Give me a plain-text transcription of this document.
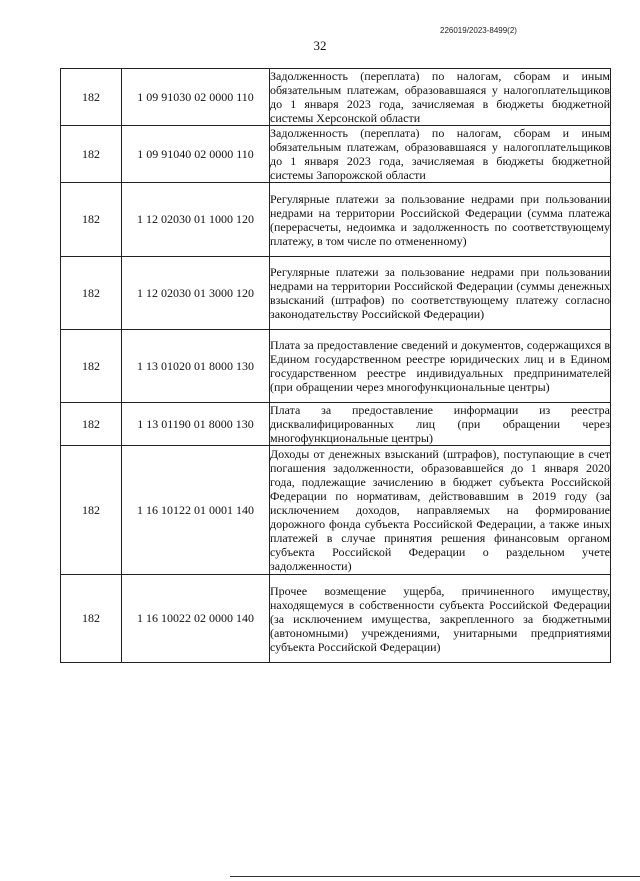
226019/2023-8499(2)
32
182	1 09 91030 02 0000 110	Задолженность (переплата) по налогам, сборам и иным обязательным платежам, образовавшаяся у налогоплательщиков до 1 января 2023 года, зачисляемая в бюджеты бюджетной системы Херсонской области
182	1 09 91040 02 0000 110	Задолженность (переплата) по налогам, сборам и иным обязательным платежам, образовавшаяся у налогоплательщиков до 1 января 2023 года, зачисляемая в бюджеты бюджетной системы Запорожской области
182	1 12 02030 01 1000 120	Регулярные платежи за пользование недрами при пользовании недрами на территории Российской Федерации (сумма платежа (перерасчеты, недоимка и задолженность по соответствующему платежу, в том числе по отмененному)
182	1 12 02030 01 3000 120	Регулярные платежи за пользование недрами при пользовании недрами на территории Российской Федерации (суммы денежных взысканий (штрафов) по соответствующему платежу согласно законодательству Российской Федерации)
182	1 13 01020 01 8000 130	Плата за предоставление сведений и документов, содержащихся в Едином государственном реестре юридических лиц и в Едином государственном реестре индивидуальных предпринимателей (при обращении через многофункциональные центры)
182	1 13 01190 01 8000 130	Плата за предоставление информации из реестра дисквалифицированных лиц (при обращении через многофункциональные центры)
182	1 16 10122 01 0001 140	Доходы от денежных взысканий (штрафов), поступающие в счет погашения задолженности, образовавшейся до 1 января 2020 года, подлежащие зачислению в бюджет субъекта Российской Федерации по нормативам, действовавшим в 2019 году (за исключением доходов, направляемых на формирование дорожного фонда субъекта Российской Федерации, а также иных платежей в случае принятия решения финансовым органом субъекта Российской Федерации о раздельном учете задолженности)
182	1 16 10022 02 0000 140	Прочее возмещение ущерба, причиненного имуществу, находящемуся в собственности субъекта Российской Федерации (за исключением имущества, закрепленного за бюджетными (автономными) учреждениями, унитарными предприятиями субъекта Российской Федерации)
